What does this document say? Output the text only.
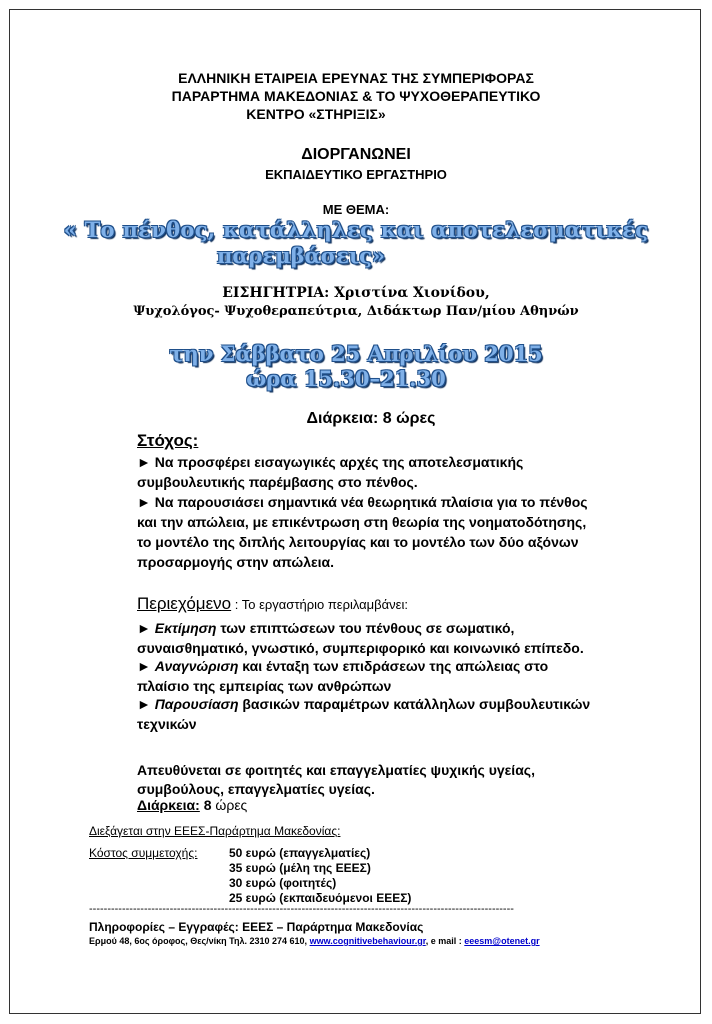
ΕΛΛΗΝΙΚΗ ΕΤΑΙΡΕΙΑ ΕΡΕΥΝΑΣ ΤΗΣ ΣΥΜΠΕΡΙΦΟΡΑΣ
ΠΑΡΑΡΤΗΜΑ ΜΑΚΕΔΟΝΙΑΣ & ΤΟ ΨΥΧΟΘΕΡΑΠΕΥΤΙΚΟ
ΚΕΝΤΡΟ «ΣΤΗΡΙΞΙΣ»
ΔΙΟΡΓΑΝΩΝΕΙ
ΕΚΠΑΙΔΕΥΤΙΚΟ ΕΡΓΑΣΤΗΡΙΟ
ΜΕ ΘΕΜΑ:
« Το πένθος, κατάλληλες και αποτελεσματικές
παρεμβάσεις»
ΕΙΣΗΓΗΤΡΙΑ: Χριστίνα Χιονίδου,
Ψυχολόγος- Ψυχοθεραπεύτρια, Διδάκτωρ Παν/μίου Αθηνών
την Σάββατο 25 Απριλίου 2015
ώρα 15.30–21.30
Διάρκεια: 8 ώρες
Στόχος:
► Να προσφέρει εισαγωγικές αρχές της αποτελεσματικής
συμβουλευτικής παρέμβασης στο πένθος.
► Να παρουσιάσει σημαντικά νέα θεωρητικά πλαίσια για το πένθος
και την απώλεια, με επικέντρωση στη θεωρία της νοηματοδότησης,
το μοντέλο της διπλής λειτουργίας και το μοντέλο των δύο αξόνων
προσαρμογής στην απώλεια.
Περιεχόμενο : Το εργαστήριο περιλαμβάνει:
► Εκτίμηση των επιπτώσεων του πένθους σε σωματικό,
συναισθηματικό, γνωστικό, συμπεριφορικό και κοινωνικό επίπεδο.
► Αναγνώριση και ένταξη των επιδράσεων της απώλειας στο
πλαίσιο της εμπειρίας των ανθρώπων
► Παρουσίαση βασικών παραμέτρων κατάλληλων συμβουλευτικών
τεχνικών
Απευθύνεται σε φοιτητές και επαγγελματίες ψυχικής υγείας,
συμβούλους, επαγγελματίες υγείας.
Διάρκεια: 8 ώρες
Διεξάγεται στην ΕΕΕΣ-Παράρτημα Μακεδονίας:
Κόστος συμμετοχής:	50 ευρώ (επαγγελματίες)
35 ευρώ (μέλη της ΕΕΕΣ)
30 ευρώ (φοιτητές)
25 ευρώ (εκπαιδευόμενοι ΕΕΕΣ)
--------------------------------------------------------------------------------------------------------------------
Πληροφορίες – Εγγραφές: ΕΕΕΣ – Παράρτημα Μακεδονίας
Ερμού 48, 6ος όροφος, Θες/νίκη Τηλ. 2310 274 610, www.cognitivebehaviour.gr, e mail : eeesm@otenet.gr
